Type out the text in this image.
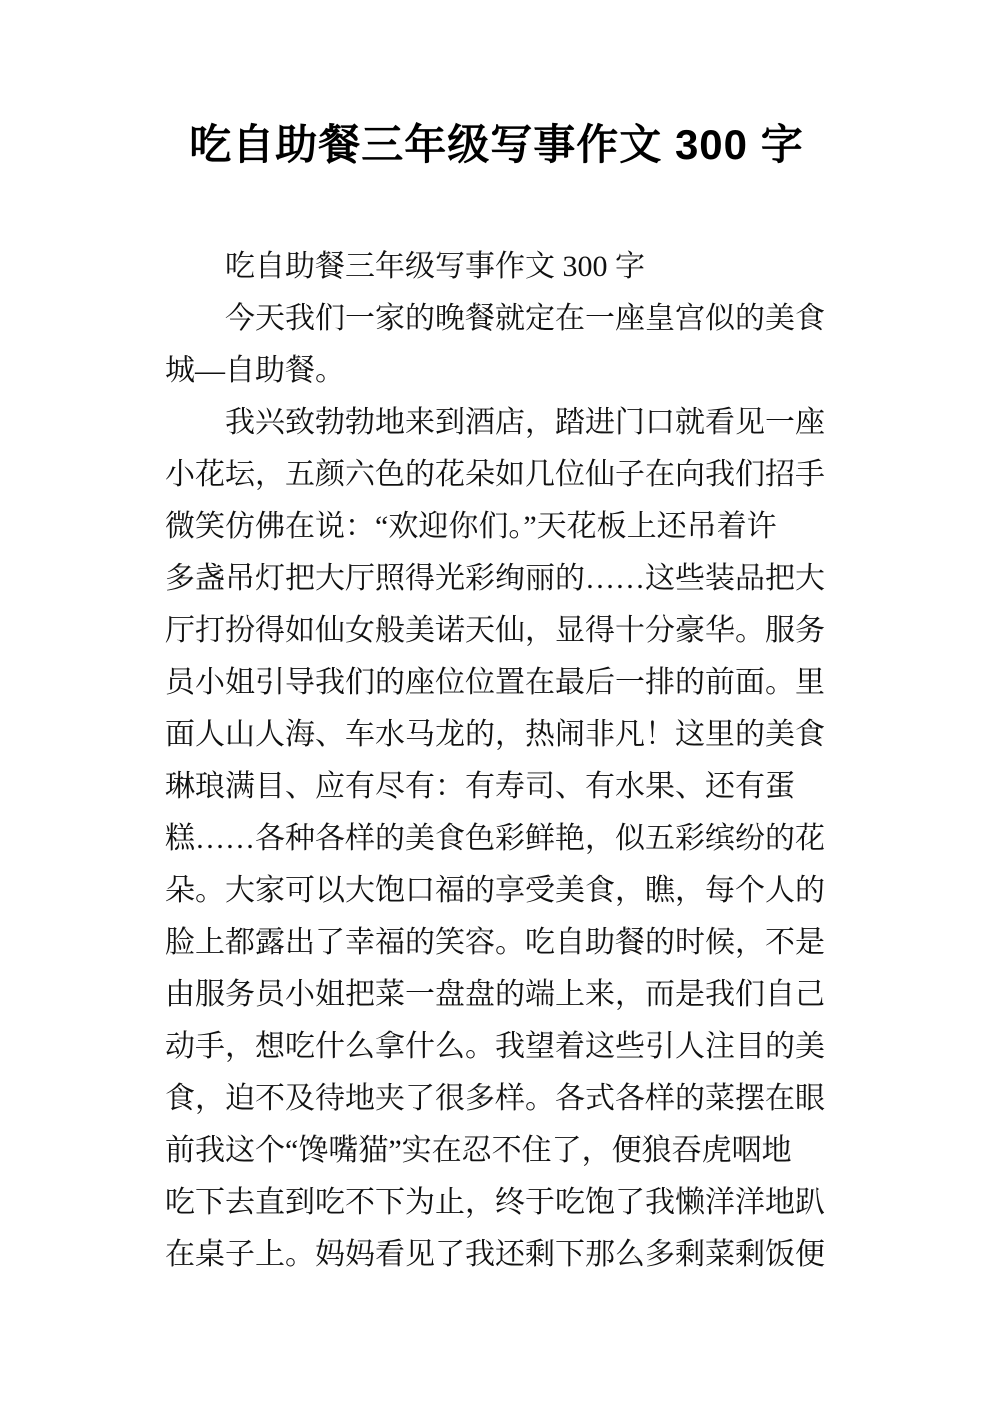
吃自助餐三年级写事作文 300 字
吃自助餐三年级写事作文 300 字
今天我们一家的晚餐就定在一座皇宫似的美食
城—自助餐。
我兴致勃勃地来到酒店，踏进门口就看见一座
小花坛，五颜六色的花朵如几位仙子在向我们招手
微笑仿佛在说：“欢迎你们。”天花板上还吊着许
多盏吊灯把大厅照得光彩绚丽的……这些装品把大
厅打扮得如仙女般美诺天仙，显得十分豪华。服务
员小姐引导我们的座位位置在最后一排的前面。里
面人山人海、车水马龙的，热闹非凡！这里的美食
琳琅满目、应有尽有：有寿司、有水果、还有蛋
糕……各种各样的美食色彩鲜艳，似五彩缤纷的花
朵。大家可以大饱口福的享受美食，瞧，每个人的
脸上都露出了幸福的笑容。吃自助餐的时候，不是
由服务员小姐把菜一盘盘的端上来，而是我们自己
动手，想吃什么拿什么。我望着这些引人注目的美
食，迫不及待地夹了很多样。各式各样的菜摆在眼
前我这个“馋嘴猫”实在忍不住了，便狼吞虎咽地
吃下去直到吃不下为止，终于吃饱了我懒洋洋地趴
在桌子上。妈妈看见了我还剩下那么多剩菜剩饭便
